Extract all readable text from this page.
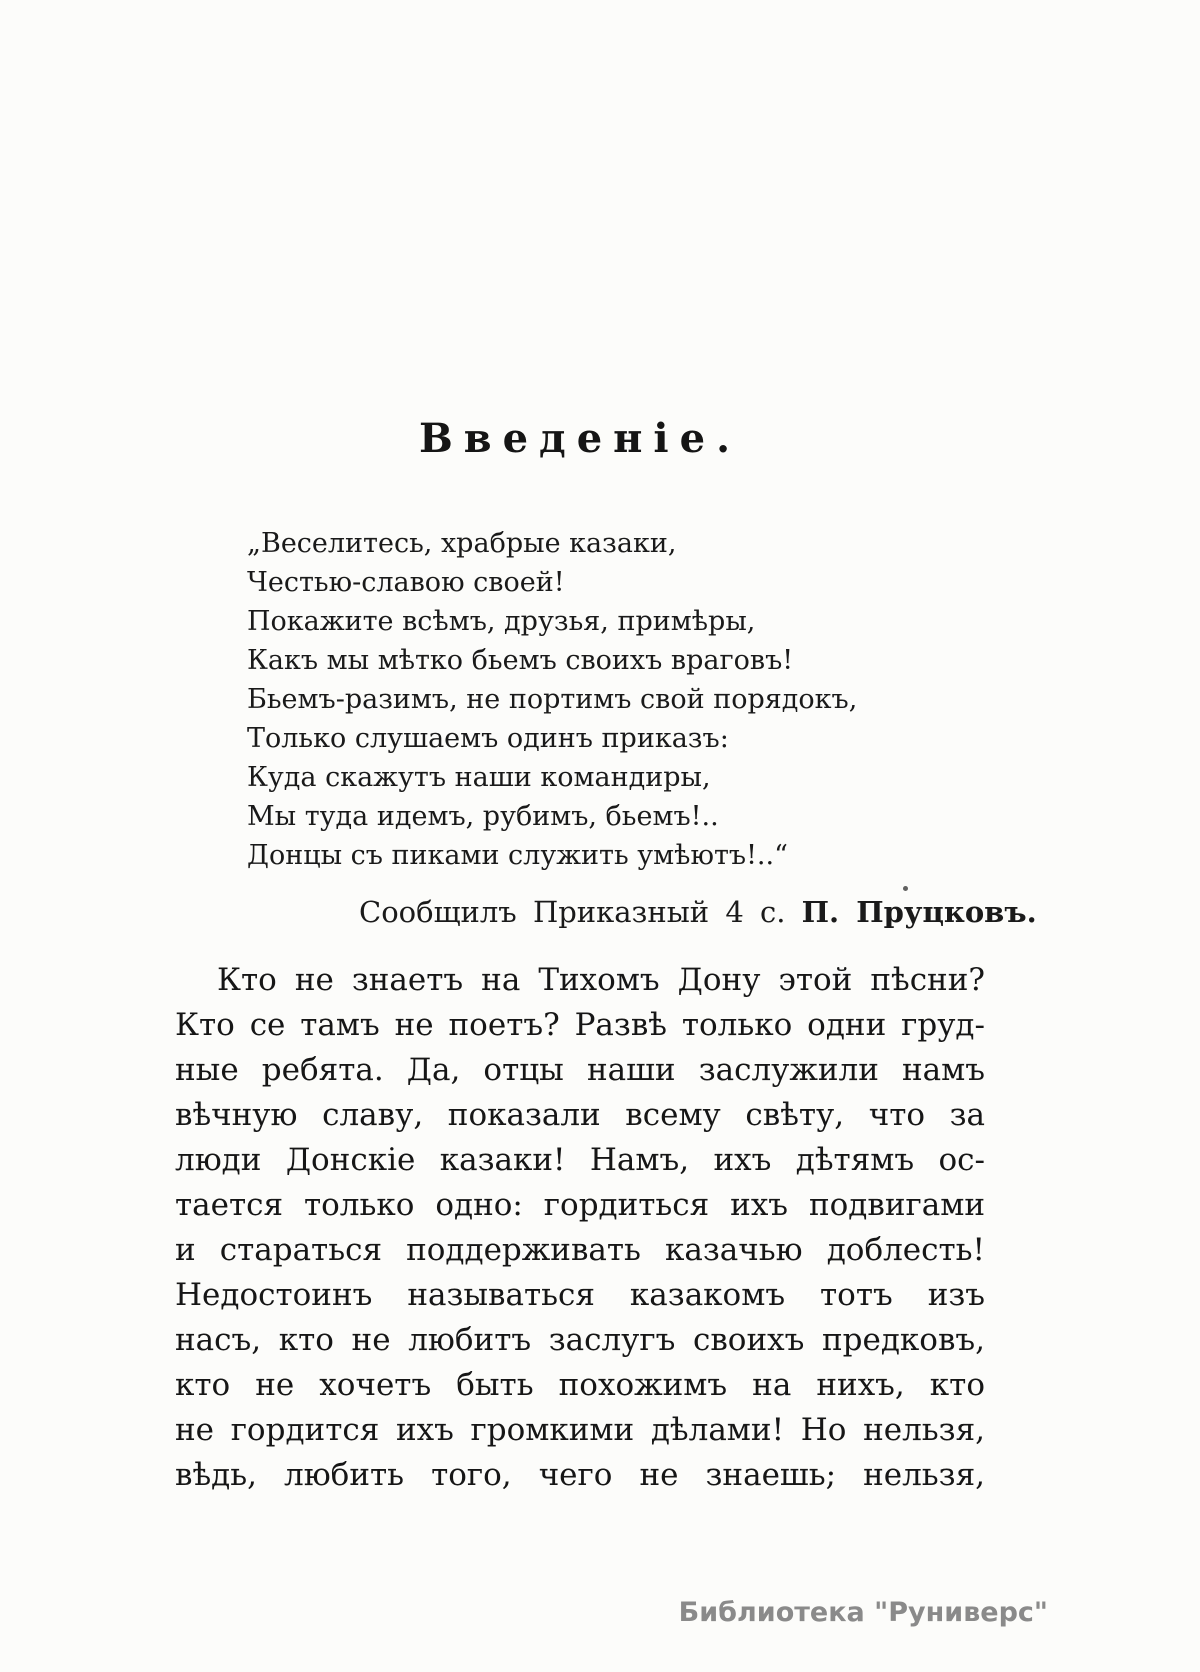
Введеніе.
„Веселитесь, храбрые казаки,
Честью-славою своей!
Покажите всѣмъ, друзья, примѣры,
Какъ мы мѣтко бьемъ своихъ враговъ!
Бьемъ-разимъ, не портимъ свой порядокъ,
Только слушаемъ одинъ приказъ:
Куда скажутъ наши командиры,
Мы туда идемъ, рубимъ, бьемъ!..
Донцы съ пиками служить умѣютъ!..“
Сообщилъ Приказный 4 с. П. Пруцковъ.
Кто не знаетъ на Тихомъ Дону этой пѣсни?
Кто се тамъ не поетъ? Развѣ только одни груд-
ные ребята. Да, отцы наши заслужили намъ
вѣчную славу, показали всему свѣту, что за
люди Донскіе казаки! Намъ, ихъ дѣтямъ ос-
тается только одно: гордиться ихъ подвигами
и стараться поддерживать казачью доблесть!
Недостоинъ называться казакомъ тотъ изъ
насъ, кто не любитъ заслугъ своихъ предковъ,
кто не хочетъ быть похожимъ на нихъ, кто
не гордится ихъ громкими дѣлами! Но нельзя,
вѣдь, любить того, чего не знаешь; нельзя,
Библиотека "Руниверс"
